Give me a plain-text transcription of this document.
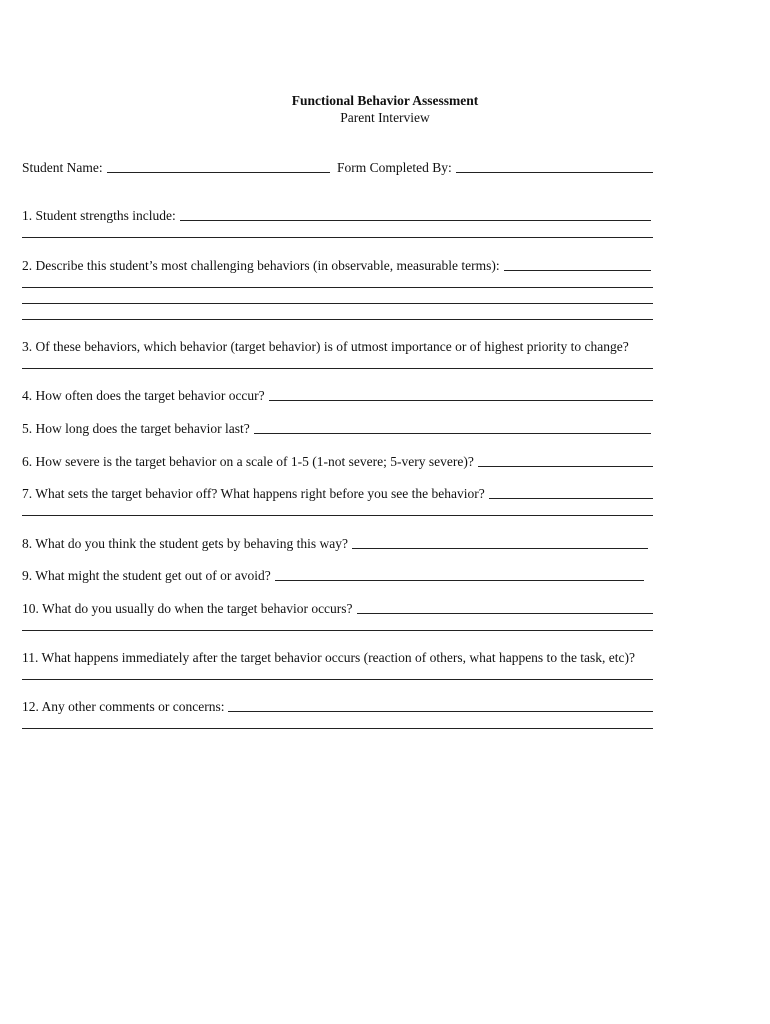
Functional Behavior Assessment
Parent Interview
Student Name:	Form Completed By:
1. Student strengths include:
2. Describe this student’s most challenging behaviors (in observable, measurable terms):
3. Of these behaviors, which behavior (target behavior) is of utmost importance or of highest priority to change?
4. How often does the target behavior occur?
5. How long does the target behavior last?
6. How severe is the target behavior on a scale of 1-5 (1-not severe; 5-very severe)?
7. What sets the target behavior off? What happens right before you see the behavior?
8. What do you think the student gets by behaving this way?
9. What might the student get out of or avoid?
10. What do you usually do when the target behavior occurs?
11. What happens immediately after the target behavior occurs (reaction of others, what happens to the task, etc)?
12. Any other comments or concerns:
